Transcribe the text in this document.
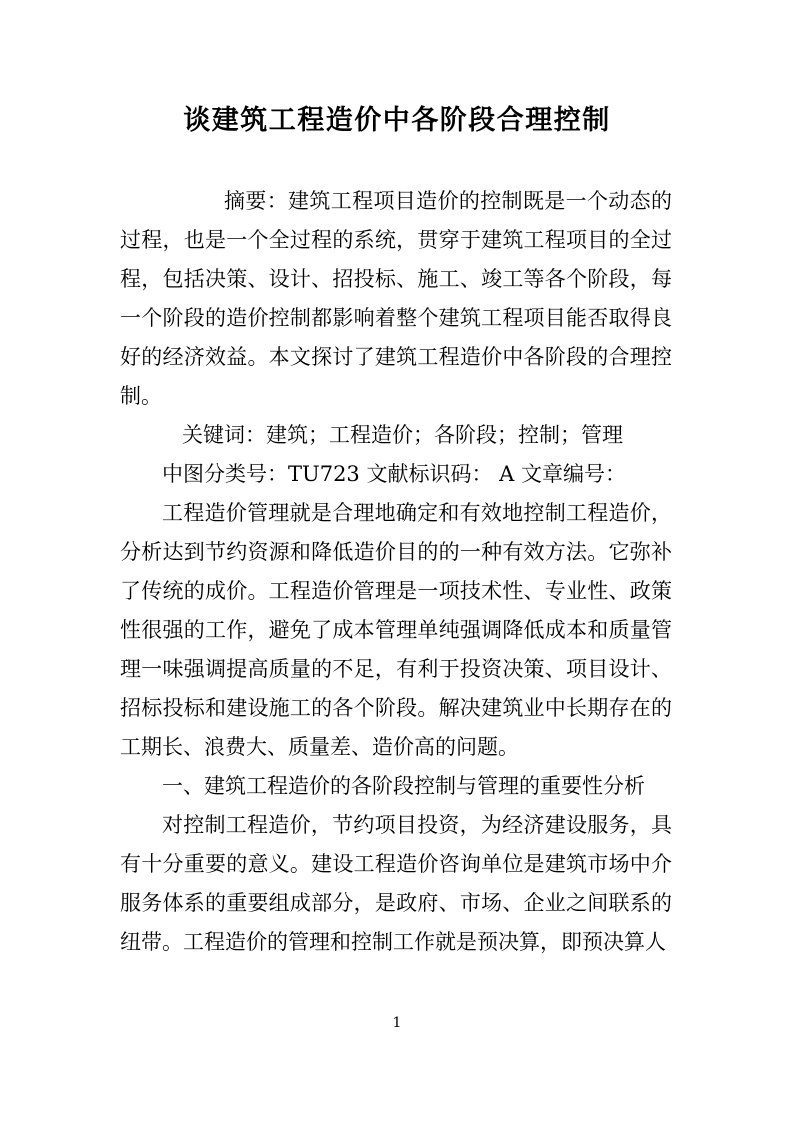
谈建筑工程造价中各阶段合理控制

摘要：建筑工程项目造价的控制既是一个动态的过程，也是一个全过程的系统，贯穿于建筑工程项目的全过程，包括决策、设计、招投标、施工、竣工等各个阶段，每一个阶段的造价控制都影响着整个建筑工程项目能否取得良好的经济效益。本文探讨了建筑工程造价中各阶段的合理控制。

关键词：建筑；工程造价；各阶段；控制；管理

中图分类号：TU723 文献标识码： A 文章编号：

工程造价管理就是合理地确定和有效地控制工程造价，分析达到节约资源和降低造价目的的一种有效方法。它弥补了传统的成价。工程造价管理是一项技术性、专业性、政策性很强的工作，避免了成本管理单纯强调降低成本和质量管理一味强调提高质量的不足，有利于投资决策、项目设计、招标投标和建设施工的各个阶段。解决建筑业中长期存在的工期长、浪费大、质量差、造价高的问题。

一、建筑工程造价的各阶段控制与管理的重要性分析

对控制工程造价，节约项目投资，为经济建设服务，具有十分重要的意义。建设工程造价咨询单位是建筑市场中介服务体系的重要组成部分，是政府、市场、企业之间联系的纽带。工程造价的管理和控制工作就是预决算，即预决算人

1
